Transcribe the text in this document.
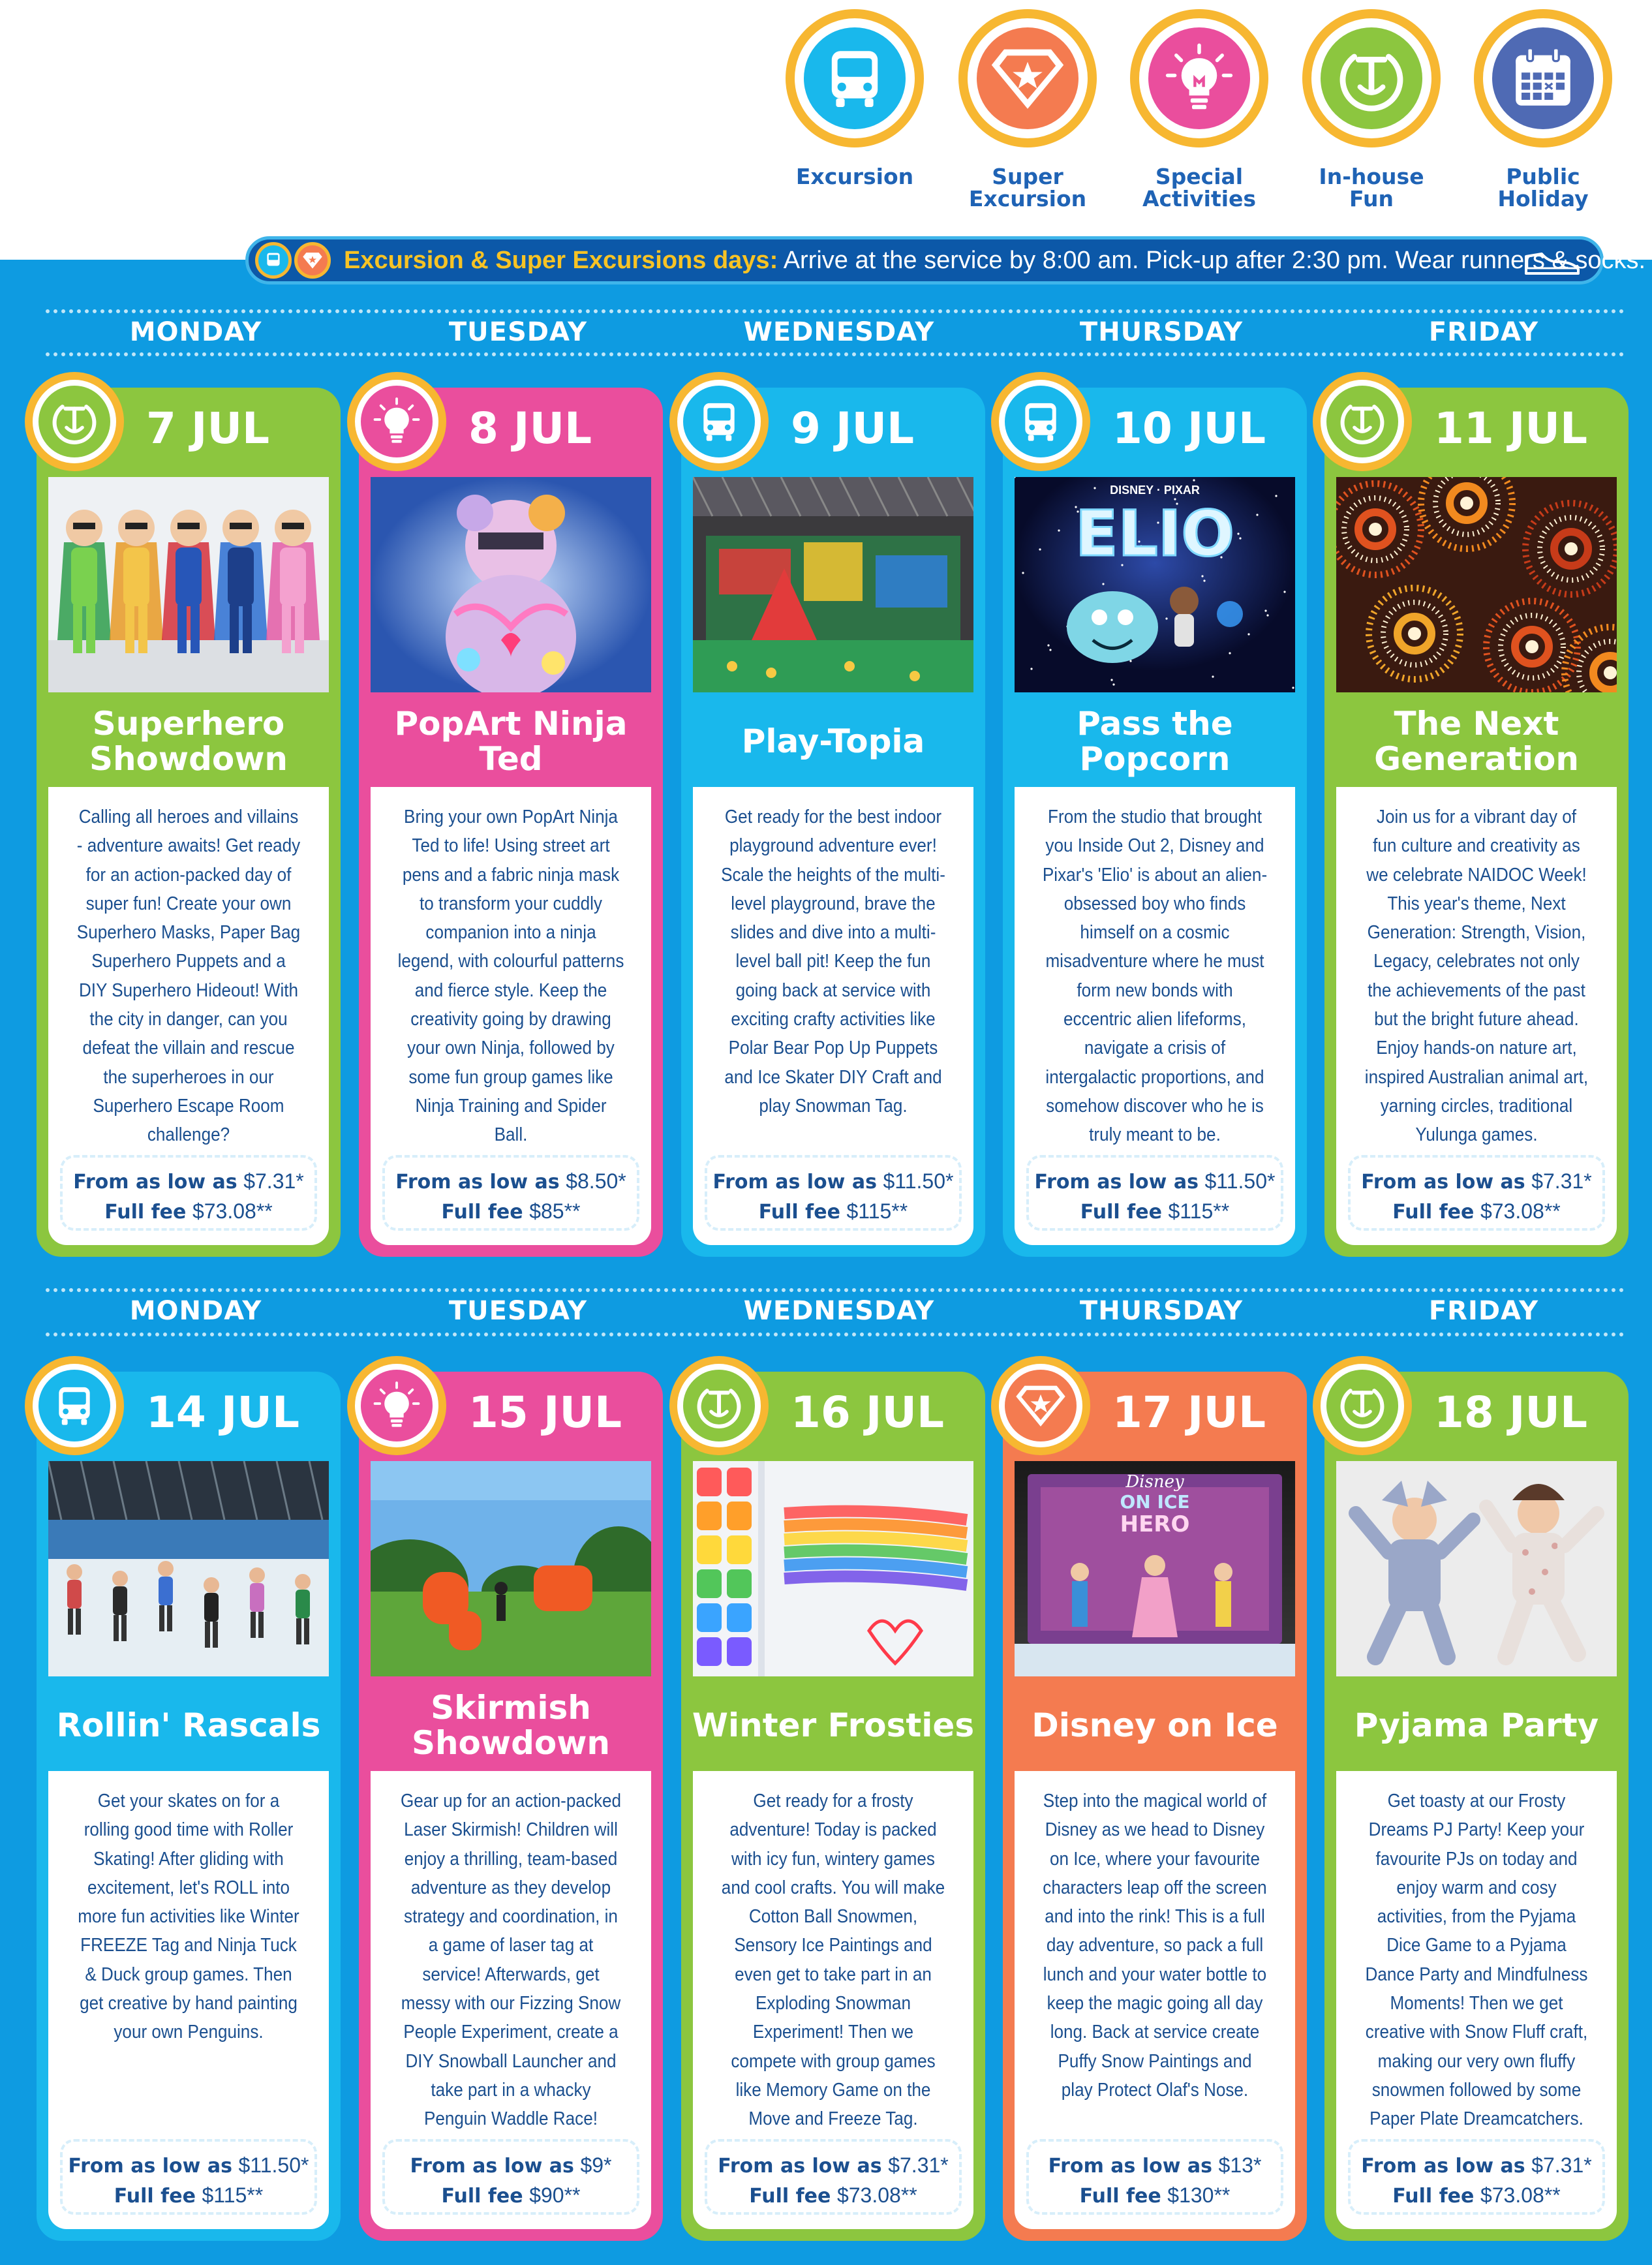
Excursion	Super
Excursion
Special
Activities
In-house
Fun
Public
Holiday
MONDAY	TUESDAY	WEDNESDAY	THURSDAY	FRIDAY
MONDAY	TUESDAY	WEDNESDAY	THURSDAY	FRIDAY
Excursion & Super Excursions days: Arrive at the service by 8:00 am. Pick-up after 2:30 pm. Wear runners & socks.
7 JUL
Superhero
Showdown
Calling all heroes and villains - adventure awaits! Get ready for an action-packed day of super fun! Create your own Superhero Masks, Paper Bag Superhero Puppets and a DIY Superhero Hideout! With the city in danger, can you defeat the villain and rescue the superheroes in our Superhero Escape Room challenge?
From as low as $7.31*
Full fee $73.08**
8 JUL
PopArt Ninja
Ted
Bring your own PopArt Ninja Ted to life! Using street art pens and a fabric ninja mask to transform your cuddly companion into a ninja legend, with colourful patterns and fierce style. Keep the creativity going by drawing your own Ninja, followed by some fun group games like Ninja Training and Spider Ball.
From as low as $8.50*
Full fee $85**
9 JUL
Play-Topia
Get ready for the best indoor playground adventure ever! Scale the heights of the multi-level playground, brave the slides and dive into a multi-level ball pit! Keep the fun going back at service with exciting crafty activities like Polar Bear Pop Up Puppets and Ice Skater DIY Craft and play Snowman Tag.
From as low as $11.50*
Full fee $115**
10 JUL
DISNEY · PIXAR
ELIO
Pass the
Popcorn
From the studio that brought you Inside Out 2, Disney and Pixar's 'Elio' is about an alien-obsessed boy who finds himself on a cosmic misadventure where he must form new bonds with eccentric alien lifeforms, navigate a crisis of intergalactic proportions, and somehow discover who he is truly meant to be.
From as low as $11.50*
Full fee $115**
11 JUL
The Next
Generation
Join us for a vibrant day of fun culture and creativity as we celebrate NAIDOC Week! This year's theme, Next Generation: Strength, Vision, Legacy, celebrates not only the achievements of the past but the bright future ahead. Enjoy hands-on nature art, inspired Australian animal art, yarning circles, traditional Yulunga games.
From as low as $7.31*
Full fee $73.08**
14 JUL
Rollin' Rascals
Get your skates on for a rolling good time with Roller Skating! After gliding with excitement, let's ROLL into more fun activities like Winter FREEZE Tag and Ninja Tuck & Duck group games. Then get creative by hand painting your own Penguins.
From as low as $11.50*
Full fee $115**
15 JUL
Skirmish
Showdown
Gear up for an action-packed Laser Skirmish! Children will enjoy a thrilling, team-based adventure as they develop strategy and coordination, in a game of laser tag at service! Afterwards, get messy with our Fizzing Snow People Experiment, create a DIY Snowball Launcher and take part in a whacky Penguin Waddle Race!
From as low as $9*
Full fee $90**
16 JUL
Winter Frosties
Get ready for a frosty adventure! Today is packed with icy fun, wintery games and cool crafts. You will make Cotton Ball Snowmen, Sensory Ice Paintings and even get to take part in an Exploding Snowman Experiment! Then we compete with group games like Memory Game on the Move and Freeze Tag.
From as low as $7.31*
Full fee $73.08**
17 JUL
Disney
ON ICE
HERO
Disney on Ice
Step into the magical world of Disney as we head to Disney on Ice, where your favourite characters leap off the screen and into the rink! This is a full day adventure, so pack a full lunch and your water bottle to keep the magic going all day long. Back at service create Puffy Snow Paintings and play Protect Olaf's Nose.
From as low as $13*
Full fee $130**
18 JUL
Pyjama Party
Get toasty at our Frosty Dreams PJ Party! Keep your favourite PJs on today and enjoy warm and cosy activities, from the Pyjama Dice Game to a Pyjama Dance Party and Mindfulness Moments! Then we get creative with Snow Fluff craft, making our very own fluffy snowmen followed by some Paper Plate Dreamcatchers.
From as low as $7.31*
Full fee $73.08**
